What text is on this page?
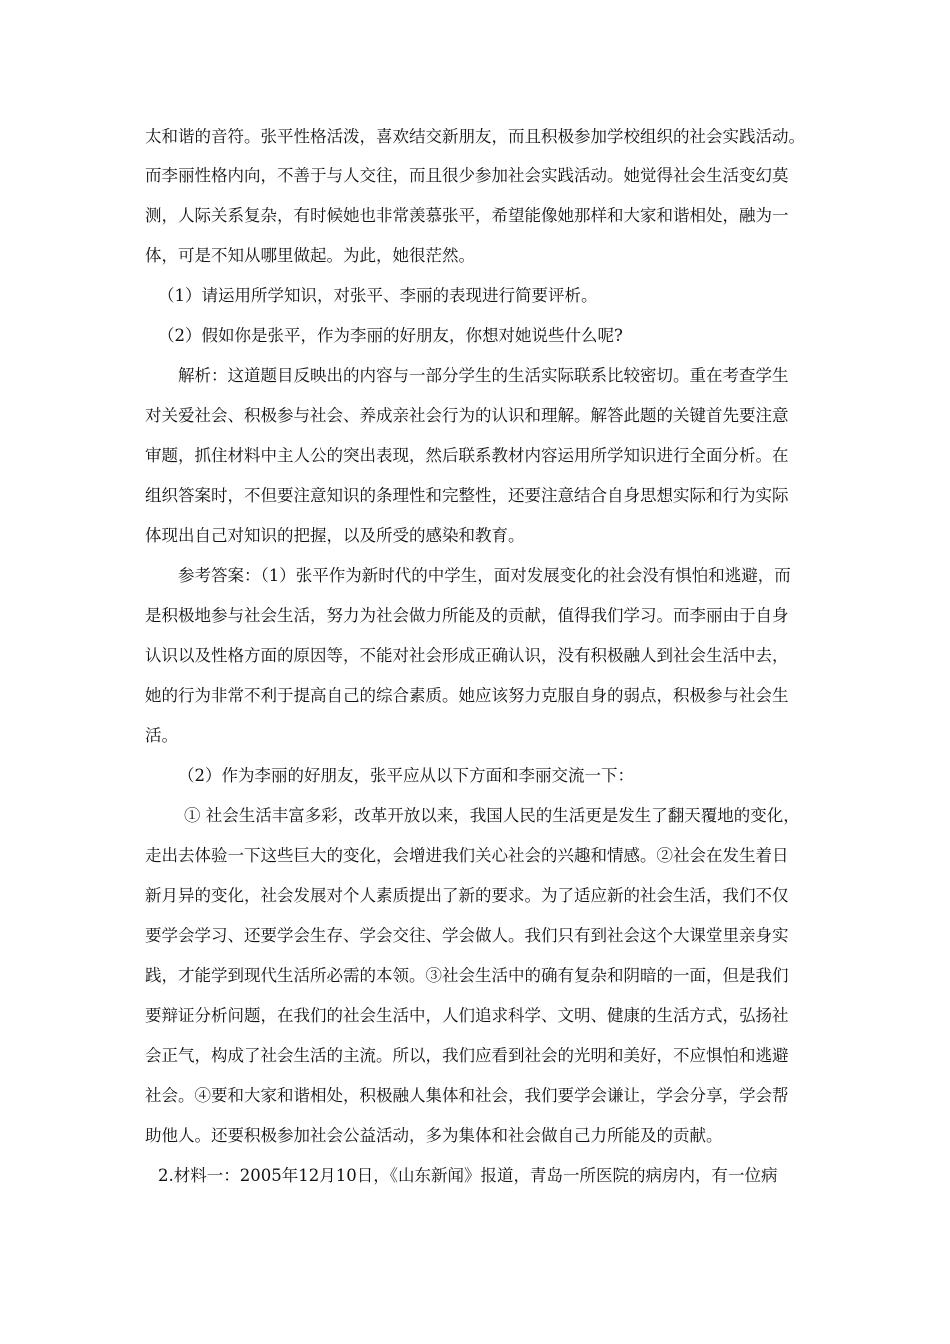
太和谐的音符。张平性格活泼，喜欢结交新朋友，而且积极参加学校组织的社会实践活动。
而李丽性格内向，不善于与人交往，而且很少参加社会实践活动。她觉得社会生活变幻莫
测，人际关系复杂，有时候她也非常羡慕张平，希望能像她那样和大家和谐相处，融为一
体，可是不知从哪里做起。为此，她很茫然。
（1）请运用所学知识，对张平、李丽的表现进行简要评析。
（2）假如你是张平，作为李丽的好朋友，你想对她说些什么呢?
解析：这道题目反映出的内容与一部分学生的生活实际联系比较密切。重在考查学生
对关爱社会、积极参与社会、养成亲社会行为的认识和理解。解答此题的关键首先要注意
审题，抓住材料中主人公的突出表现，然后联系教材内容运用所学知识进行全面分析。在
组织答案时，不但要注意知识的条理性和完整性，还要注意结合自身思想实际和行为实际
体现出自己对知识的把握，以及所受的感染和教育。
参考答案：（1）张平作为新时代的中学生，面对发展变化的社会没有惧怕和逃避，而
是积极地参与社会生活，努力为社会做力所能及的贡献，值得我们学习。而李丽由于自身
认识以及性格方面的原因等，不能对社会形成正确认识，没有积极融人到社会生活中去，
她的行为非常不利于提高自己的综合素质。她应该努力克服自身的弱点，积极参与社会生
活。
（2）作为李丽的好朋友，张平应从以下方面和李丽交流一下：
① 社会生活丰富多彩，改革开放以来，我国人民的生活更是发生了翻天覆地的变化，
走出去体验一下这些巨大的变化，会增进我们关心社会的兴趣和情感。②社会在发生着日
新月异的变化，社会发展对个人素质提出了新的要求。为了适应新的社会生活，我们不仅
要学会学习、还要学会生存、学会交往、学会做人。我们只有到社会这个大课堂里亲身实
践，才能学到现代生活所必需的本领。③社会生活中的确有复杂和阴暗的一面，但是我们
要辩证分析问题，在我们的社会生活中，人们追求科学、文明、健康的生活方式，弘扬社
会正气，构成了社会生活的主流。所以，我们应看到社会的光明和美好，不应惧怕和逃避
社会。④要和大家和谐相处，积极融人集体和社会，我们要学会谦让，学会分享，学会帮
助他人。还要积极参加社会公益活动，多为集体和社会做自己力所能及的贡献。
2.材料一：2005年12月10日，《山东新闻》报道，青岛一所医院的病房内，有一位病
